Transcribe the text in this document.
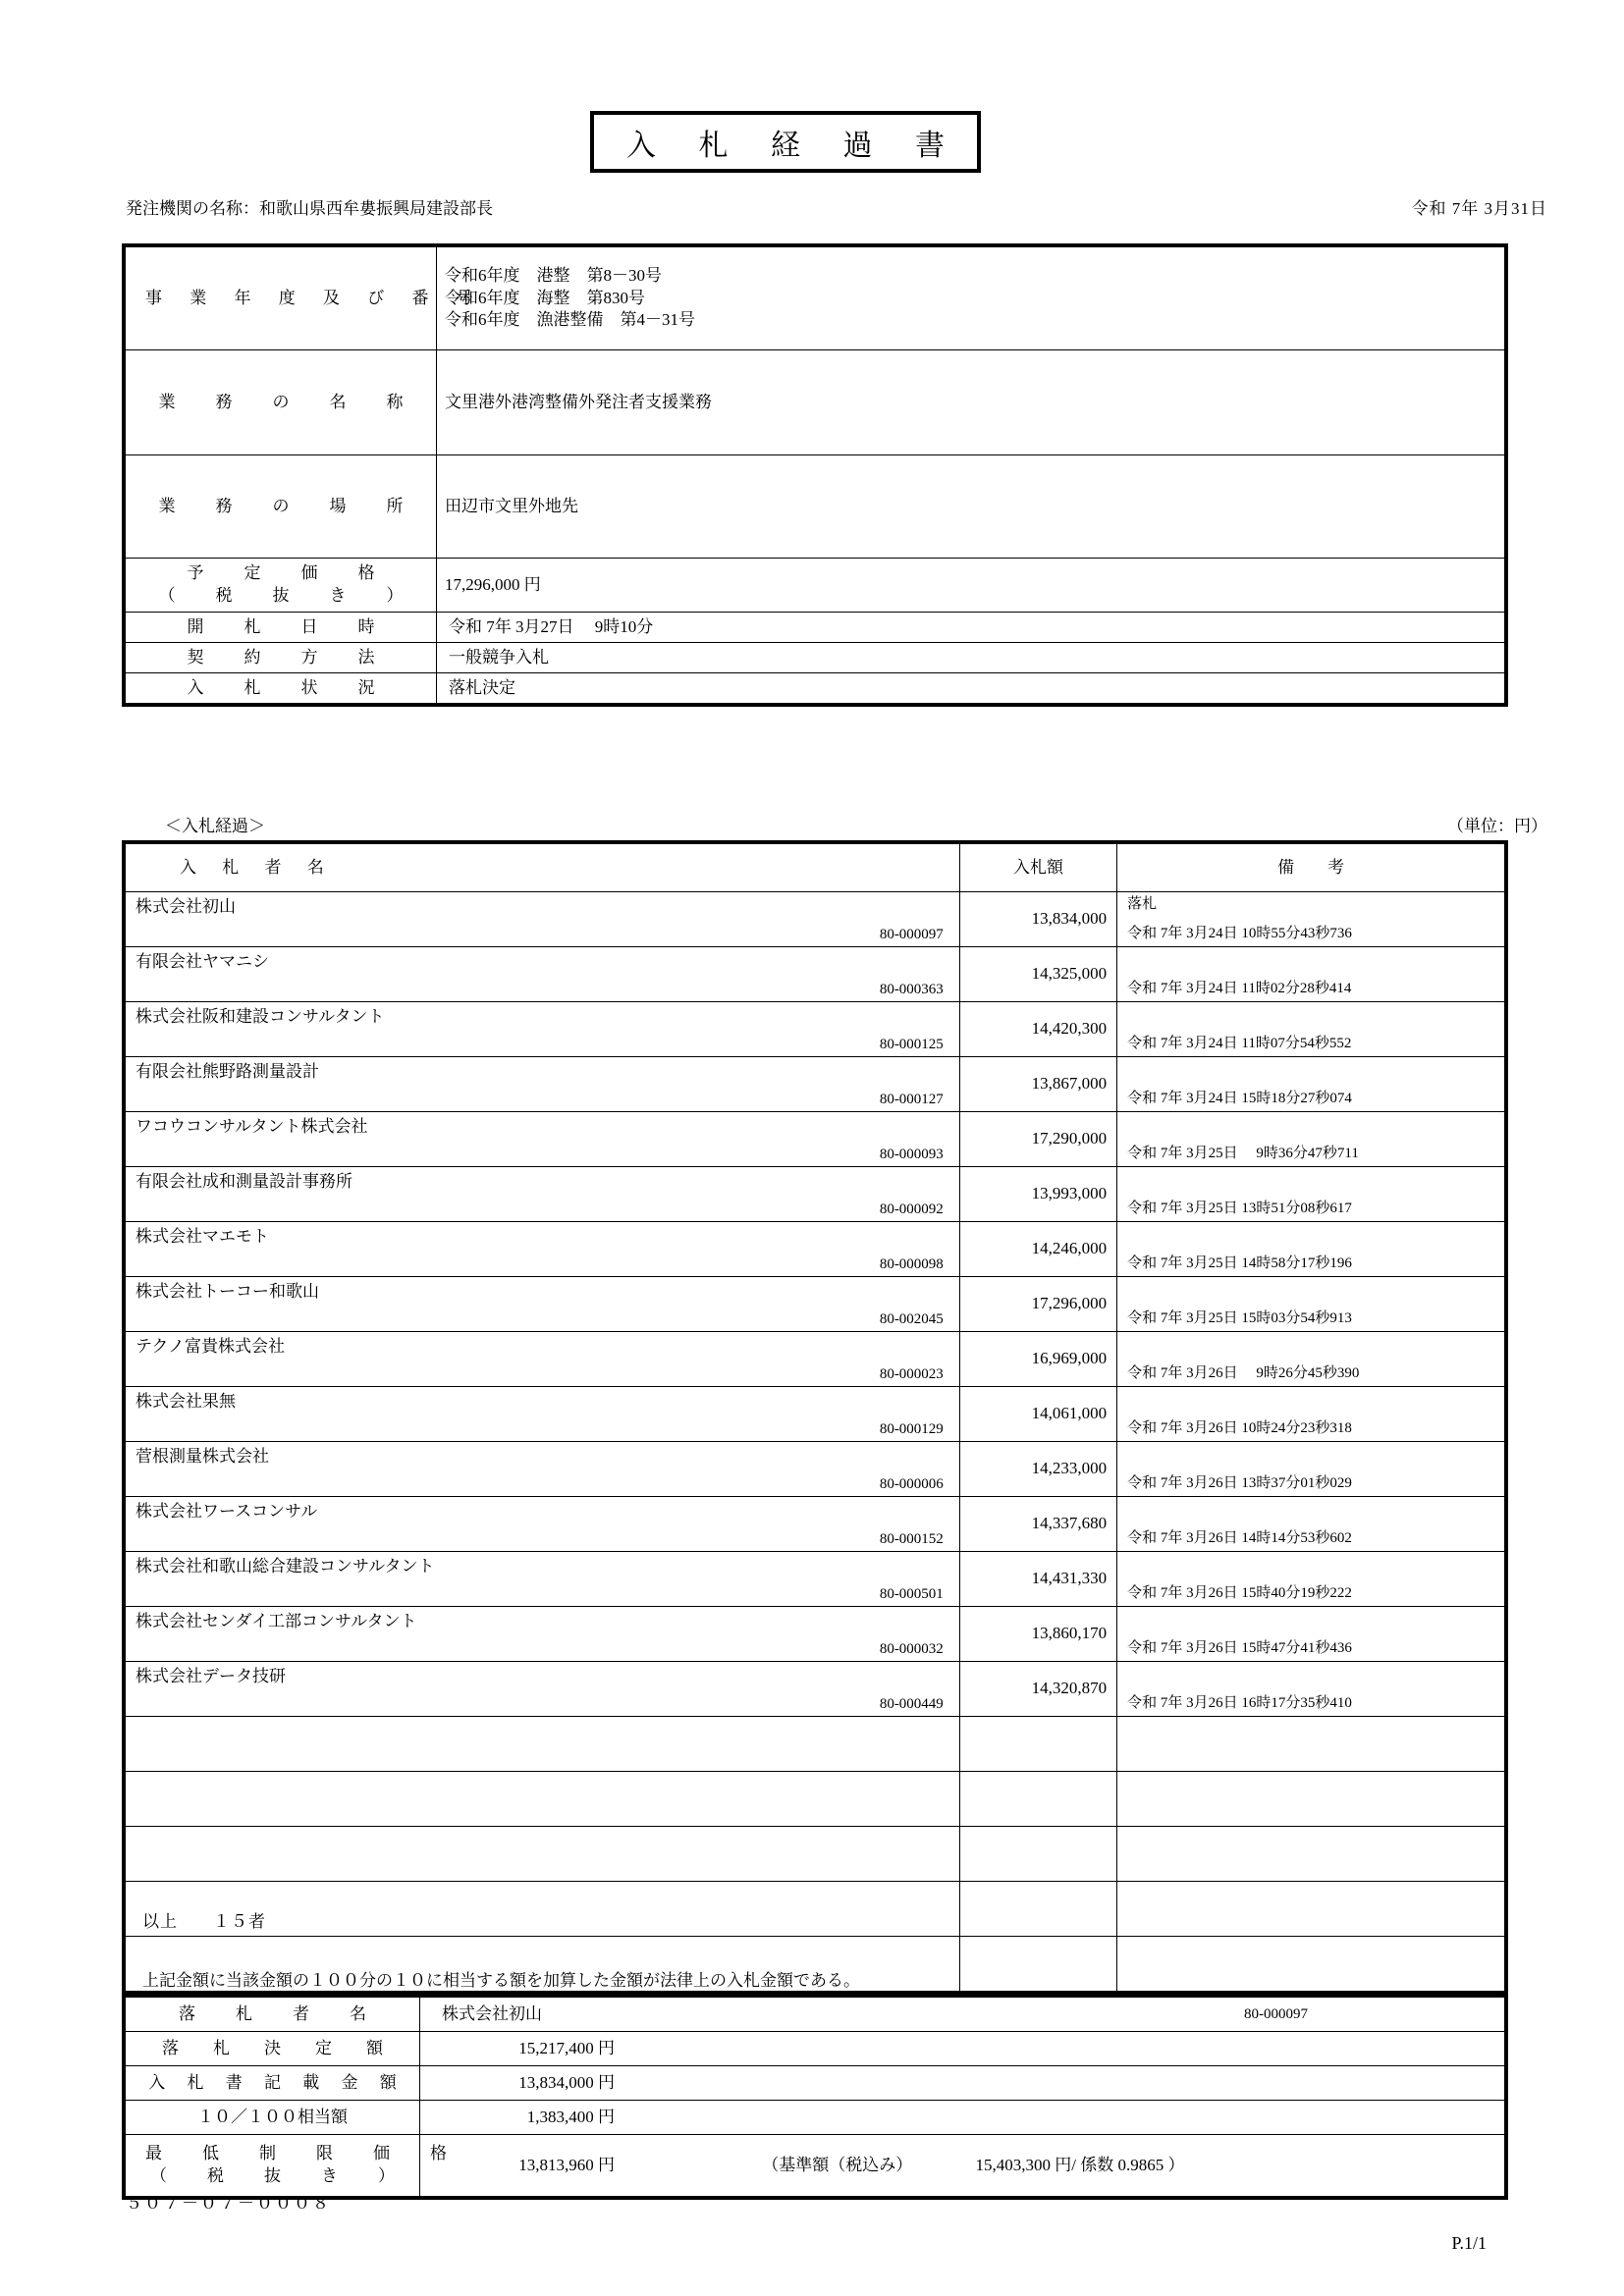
入 札 経 過 書
発注機関の名称：和歌山県西牟婁振興局建設部長	令和 7年 3月31日
事 業 年 度 及 び 番 号	令和6年度　港整　第8－30号
令和6年度　海整　第830号
令和6年度　漁港整備　第4－31号

業　務　の　名　称	文里港外港湾整備外発注者支援業務
業　務　の　場　所	田辺市文里外地先

予　定　価　格
（　税　抜　き　）	17,296,000 円
開　札　日　時	令和 7年 3月27日　 9時10分
契　約　方　法	一般競争入札
入　札　状　況	落札決定
＜入札経過＞	（単位：円）
入 札 者 名	入札額	備　　考

株式会社初山
80-000097	13,834,000	落札
令和 7年 3月24日 10時55分43秒736

有限会社ヤマニシ
80-000363	14,325,000	令和 7年 3月24日 11時02分28秒414

株式会社阪和建設コンサルタント
80-000125	14,420,300	令和 7年 3月24日 11時07分54秒552

有限会社熊野路測量設計
80-000127	13,867,000	令和 7年 3月24日 15時18分27秒074

ワコウコンサルタント株式会社
80-000093	17,290,000	令和 7年 3月25日　 9時36分47秒711

有限会社成和測量設計事務所
80-000092	13,993,000	令和 7年 3月25日 13時51分08秒617

株式会社マエモト
80-000098	14,246,000	令和 7年 3月25日 14時58分17秒196

株式会社トーコー和歌山
80-002045	17,296,000	令和 7年 3月25日 15時03分54秒913

テクノ富貴株式会社
80-000023	16,969,000	令和 7年 3月26日　 9時26分45秒390

株式会社果無
80-000129	14,061,000	令和 7年 3月26日 10時24分23秒318

菅根測量株式会社
80-000006	14,233,000	令和 7年 3月26日 13時37分01秒029

株式会社ワースコンサル
80-000152	14,337,680	令和 7年 3月26日 14時14分53秒602

株式会社和歌山総合建設コンサルタント
80-000501	14,431,330	令和 7年 3月26日 15時40分19秒222

株式会社センダイ工部コンサルタント
80-000032	13,860,170	令和 7年 3月26日 15時47分41秒436

株式会社データ技研
80-000449	14,320,870	令和 7年 3月26日 16時17分35秒410

以上　　１５者
上記金額に当該金額の１００分の１０に相当する額を加算した金額が法律上の入札金額である。
落　札　者　名	株式会社初山 80-000097

落　札　決　定　額	15,217,400 円
入 札 書 記 載 金 額	13,834,000 円
１０／１００相当額	1,383,400 円

最　低　制　限　価　格
（　税　抜　き　）	13,813,960 円 （基準額（税込み） 15,403,300 円/ 係数 0.9865 ）
５０７－０７－０００８
P.1/1
